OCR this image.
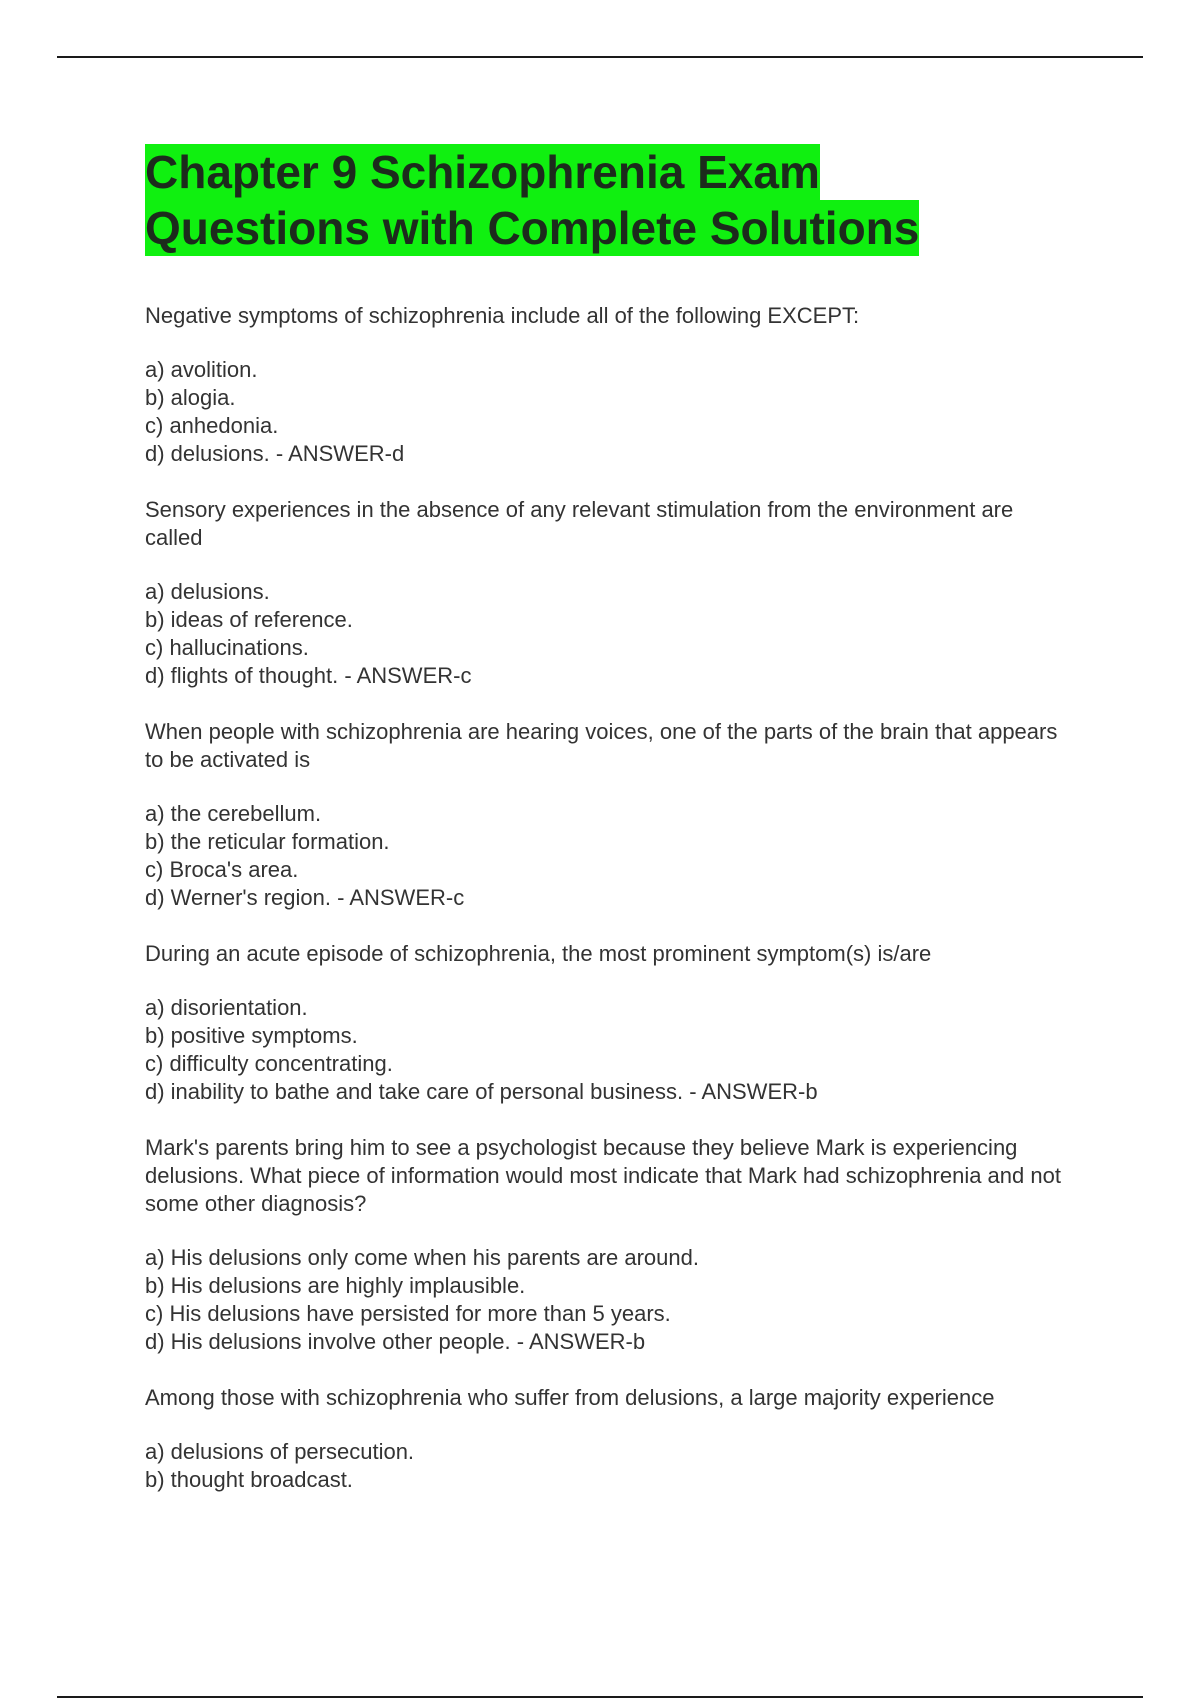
Chapter 9 Schizophrenia Exam
Questions with Complete Solutions

Negative symptoms of schizophrenia include all of the following EXCEPT:

a) avolition.
b) alogia.
c) anhedonia.
d) delusions. - ANSWER-d

Sensory experiences in the absence of any relevant stimulation from the environment are called

a) delusions.
b) ideas of reference.
c) hallucinations.
d) flights of thought. - ANSWER-c

When people with schizophrenia are hearing voices, one of the parts of the brain that appears to be activated is

a) the cerebellum.
b) the reticular formation.
c) Broca's area.
d) Werner's region. - ANSWER-c

During an acute episode of schizophrenia, the most prominent symptom(s) is/are

a) disorientation.
b) positive symptoms.
c) difficulty concentrating.
d) inability to bathe and take care of personal business. - ANSWER-b

Mark's parents bring him to see a psychologist because they believe Mark is experiencing delusions. What piece of information would most indicate that Mark had schizophrenia and not some other diagnosis?

a) His delusions only come when his parents are around.
b) His delusions are highly implausible.
c) His delusions have persisted for more than 5 years.
d) His delusions involve other people. - ANSWER-b

Among those with schizophrenia who suffer from delusions, a large majority experience

a) delusions of persecution.
b) thought broadcast.
